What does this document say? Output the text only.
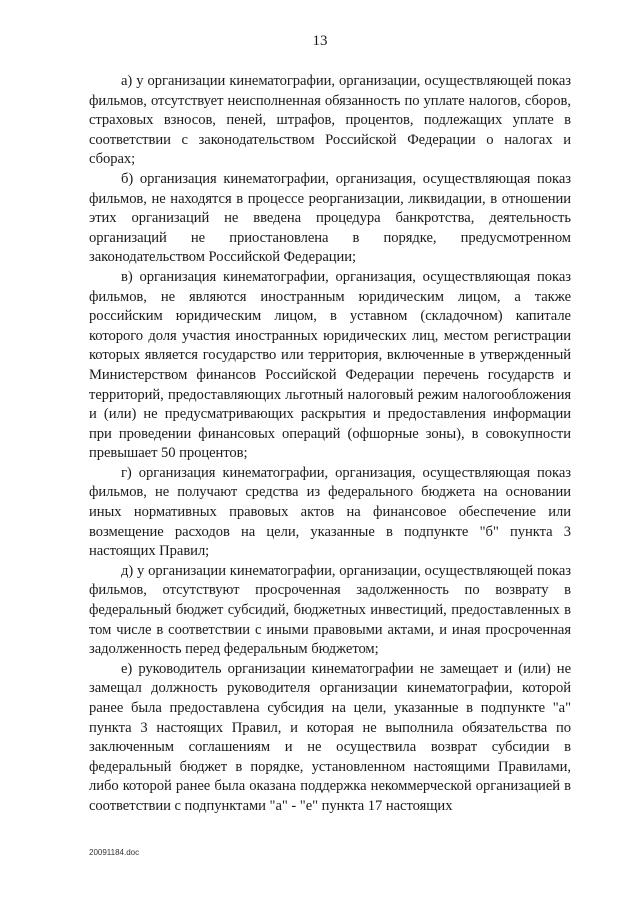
13

а) у организации кинематографии, организации, осуществляющей показ фильмов, отсутствует неисполненная обязанность по уплате налогов, сборов, страховых взносов, пеней, штрафов, процентов, подлежащих уплате в соответствии с законодательством Российской Федерации о налогах и сборах;

б) организация кинематографии, организация, осуществляющая показ фильмов, не находятся в процессе реорганизации, ликвидации, в отношении этих организаций не введена процедура банкротства, деятельность организаций не приостановлена в порядке, предусмотренном законодательством Российской Федерации;

в) организация кинематографии, организация, осуществляющая показ фильмов, не являются иностранным юридическим лицом, а также российским юридическим лицом, в уставном (складочном) капитале которого доля участия иностранных юридических лиц, местом регистрации которых является государство или территория, включенные в утвержденный Министерством финансов Российской Федерации перечень государств и территорий, предоставляющих льготный налоговый режим налогообложения и (или) не предусматривающих раскрытия и предоставления информации при проведении финансовых операций (офшорные зоны), в совокупности превышает 50 процентов;

г) организация кинематографии, организация, осуществляющая показ фильмов, не получают средства из федерального бюджета на основании иных нормативных правовых актов на финансовое обеспечение или возмещение расходов на цели, указанные в подпункте "б" пункта 3 настоящих Правил;

д) у организации кинематографии, организации, осуществляющей показ фильмов, отсутствуют просроченная задолженность по возврату в федеральный бюджет субсидий, бюджетных инвестиций, предоставленных в том числе в соответствии с иными правовыми актами, и иная просроченная задолженность перед федеральным бюджетом;

е) руководитель организации кинематографии не замещает и (или) не замещал должность руководителя организации кинематографии, которой ранее была предоставлена субсидия на цели, указанные в подпункте "а" пункта 3 настоящих Правил, и которая не выполнила обязательства по заключенным соглашениям и не осуществила возврат субсидии в федеральный бюджет в порядке, установленном настоящими Правилами, либо которой ранее была оказана поддержка некоммерческой организацией в соответствии с подпунктами "а" - "е" пункта 17 настоящих

20091184.doc
